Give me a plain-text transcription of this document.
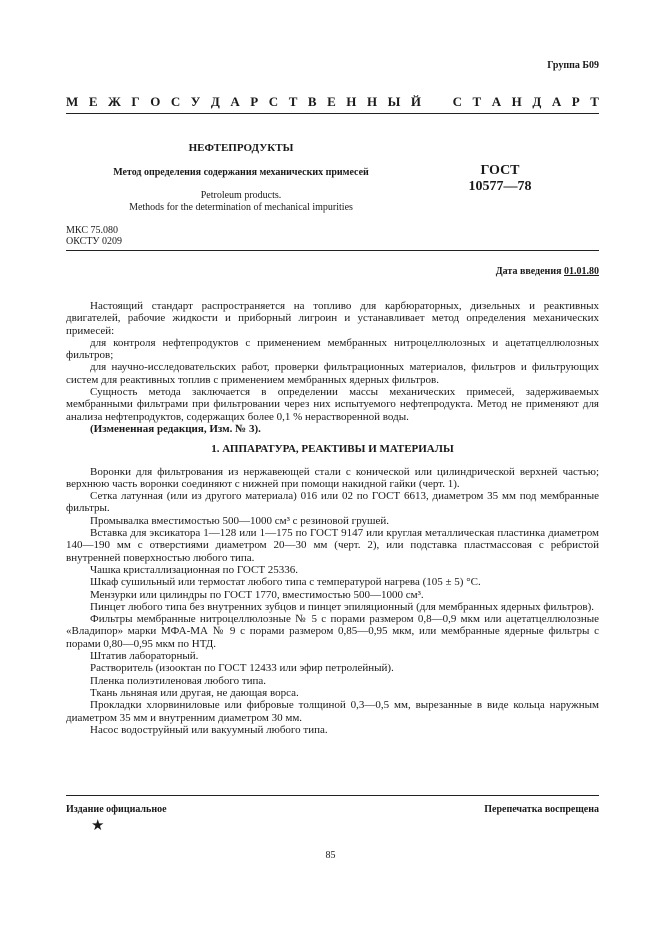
Группа Б09
М Е Ж Г О С У Д А Р С Т В Е Н Н Ы Й С Т А Н Д А Р Т
НЕФТЕПРОДУКТЫ
Метод определения содержания механических примесей	ГОСТ
10577—78
Petroleum products.
Methods for the determination of mechanical impurities
МКС 75.080
ОКСТУ 0209
Дата введения 01.01.80

Настоящий стандарт распространяется на топливо для карбюраторных, дизельных и реактивных двигателей, рабочие жидкости и приборный лигроин и устанавливает метод определения механических примесей:

для контроля нефтепродуктов с применением мембранных нитроцеллюлозных и ацетатцеллюлозных фильтров;

для научно-исследовательских работ, проверки фильтрационных материалов, фильтров и фильтрующих систем для реактивных топлив с применением мембранных ядерных фильтров.

Сущность метода заключается в определении массы механических примесей, задерживаемых мембранными фильтрами при фильтровании через них испытуемого нефтепродукта. Метод не применяют для анализа нефтепродуктов, содержащих более 0,1 % нерастворенной воды.

(Измененная редакция, Изм. № 3).

1. АППАРАТУРА, РЕАКТИВЫ И МАТЕРИАЛЫ

Воронки для фильтрования из нержавеющей стали с конической или цилиндрической верхней частью; верхнюю часть воронки соединяют с нижней при помощи накидной гайки (черт. 1).

Сетка латунная (или из другого материала) 016 или 02 по ГОСТ 6613, диаметром 35 мм под мембранные фильтры.

Промывалка вместимостью 500—1000 см³ с резиновой грушей.

Вставка для эксикатора 1—128 или 1—175 по ГОСТ 9147 или круглая металлическая пластинка диаметром 140—190 мм с отверстиями диаметром 20—30 мм (черт. 2), или подставка пластмассовая с ребристой внутренней поверхностью любого типа.

Чашка кристаллизационная по ГОСТ 25336.

Шкаф сушильный или термостат любого типа с температурой нагрева (105 ± 5) °С.

Мензурки или цилиндры по ГОСТ 1770, вместимостью 500—1000 см³.

Пинцет любого типа без внутренних зубцов и пинцет эпиляционный (для мембранных ядерных фильтров).

Фильтры мембранные нитроцеллюлозные № 5 с порами размером 0,8—0,9 мкм или ацетатцеллюлозные «Владипор» марки МФА-МА № 9 с порами размером 0,85—0,95 мкм, или мембранные ядерные фильтры с порами 0,80—0,95 мкм по НТД.

Штатив лабораторный.

Растворитель (изооктан по ГОСТ 12433 или эфир петролейный).

Пленка полиэтиленовая любого типа.

Ткань льняная или другая, не дающая ворса.

Прокладки хлорвиниловые или фибровые толщиной 0,3—0,5 мм, вырезанные в виде кольца наружным диаметром 35 мм и внутренним диаметром 30 мм.

Насос водоструйный или вакуумный любого типа.

Издание официальное	Перепечатка воспрещена
★
85
